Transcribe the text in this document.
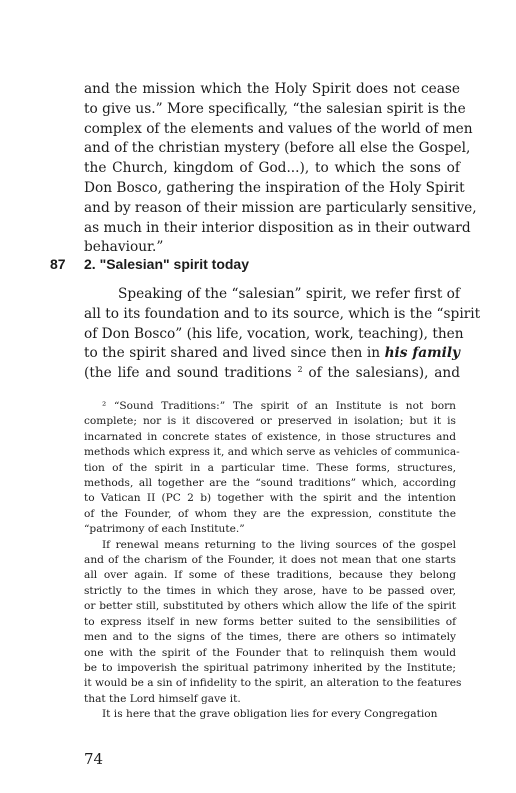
and the mission which the Holy Spirit does not cease
to give us.” More specifically, “the salesian spirit is the
complex of the elements and values of the world of men
and of the christian mystery (before all else the Gospel,
the Church, kingdom of God...), to which the sons of
Don Bosco, gathering the inspiration of the Holy Spirit
and by reason of their mission are particularly sensitive,
as much in their interior disposition as in their outward
behaviour.”
87 2. "Salesian" spirit today
Speaking of the “salesian” spirit, we refer first of
all to its foundation and to its source, which is the “spirit
of Don Bosco” (his life, vocation, work, teaching), then
to the spirit shared and lived since then in his family
(the life and sound traditions $^2$ of the salesians), and
² “Sound Traditions:” The spirit of an Institute is not born
complete; nor is it discovered or preserved in isolation; but it is
incarnated in concrete states of existence, in those structures and
methods which express it, and which serve as vehicles of communica-
tion of the spirit in a particular time. These forms, structures,
methods, all together are the “sound traditions” which, according
to Vatican II (PC 2 b) together with the spirit and the intention
of the Founder, of whom they are the expression, constitute the
“patrimony of each Institute.”
If renewal means returning to the living sources of the gospel
and of the charism of the Founder, it does not mean that one starts
all over again. If some of these traditions, because they belong
strictly to the times in which they arose, have to be passed over,
or better still, substituted by others which allow the life of the spirit
to express itself in new forms better suited to the sensibilities of
men and to the signs of the times, there are others so intimately
one with the spirit of the Founder that to relinquish them would
be to impoverish the spiritual patrimony inherited by the Institute;
it would be a sin of infidelity to the spirit, an alteration to the features
that the Lord himself gave it.
It is here that the grave obligation lies for every Congregation
74
